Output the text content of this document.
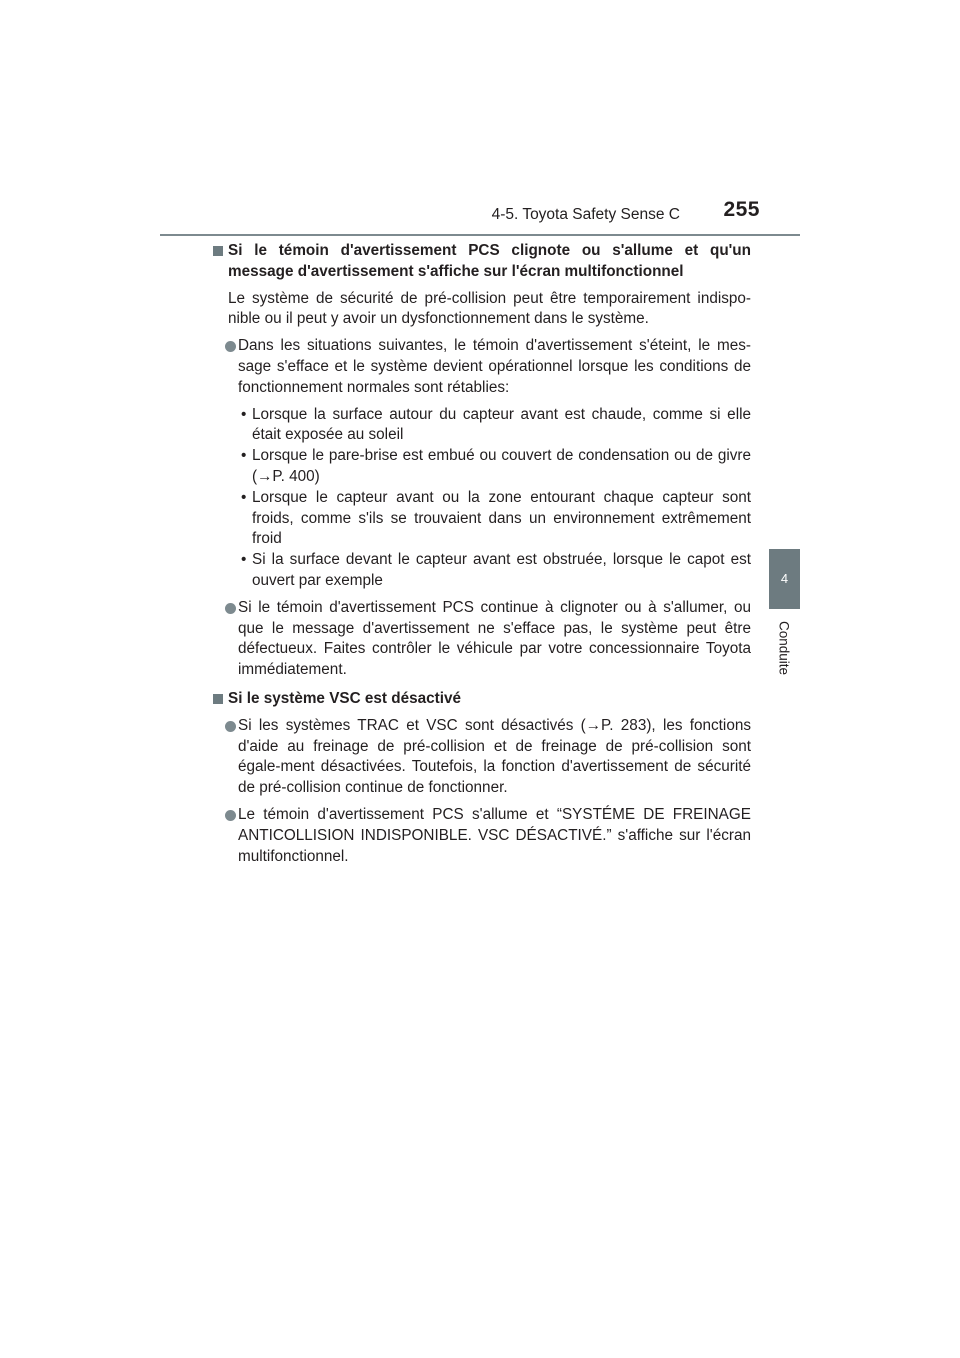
4-5. Toyota Safety Sense C 255
4
Conduite
Si le témoin d'avertissement PCS clignote ou s'allume et qu'un message d'avertissement s'affiche sur l'écran multifonctionnel
Le système de sécurité de pré-collision peut être temporairement indispo-nible ou il peut y avoir un dysfonctionnement dans le système.
Dans les situations suivantes, le témoin d'avertissement s'éteint, le mes-sage s'efface et le système devient opérationnel lorsque les conditions de fonctionnement normales sont rétablies:
• Lorsque la surface autour du capteur avant est chaude, comme si elle était exposée au soleil
• Lorsque le pare-brise est embué ou couvert de condensation ou de givre (→P. 400)
• Lorsque le capteur avant ou la zone entourant chaque capteur sont froids, comme s'ils se trouvaient dans un environnement extrêmement froid
• Si la surface devant le capteur avant est obstruée, lorsque le capot est ouvert par exemple
Si le témoin d'avertissement PCS continue à clignoter ou à s'allumer, ou que le message d'avertissement ne s'efface pas, le système peut être défectueux. Faites contrôler le véhicule par votre concessionnaire Toyota immédiatement.
Si le système VSC est désactivé
Si les systèmes TRAC et VSC sont désactivés (→P. 283), les fonctions d'aide au freinage de pré-collision et de freinage de pré-collision sont égale-ment désactivées. Toutefois, la fonction d'avertissement de sécurité de pré-collision continue de fonctionner.
Le témoin d'avertissement PCS s'allume et “SYSTÉME DE FREINAGE ANTICOLLISION INDISPONIBLE. VSC DÉSACTIVÉ.” s'affiche sur l'écran multifonctionnel.
